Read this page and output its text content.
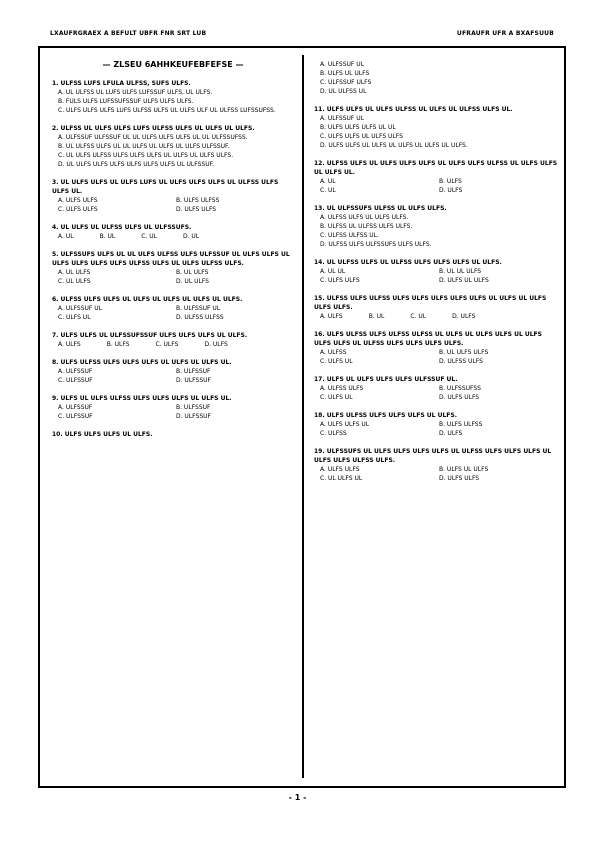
LXAUFRGRAEX A BEFULT UBFR FNR SRT LUB	UFRAUFR UFR A BXAFSUUB
— ZLSEU 6AHHKEUFEBFEFSE —
1. ULFSS LUFS LFULA ULFSS, SUFS ULFS.
A. UL ULFSS UL LUFS ULFS LUFSSUF ULFS, UL ULFS.
B. FULS ULFS LUFSSUFSSUF ULFS ULFS ULFS.
C. ULFS ULFS ULFS LUFS ULFSS ULFS UL ULFS ULF UL ULFSS LUFSSUFSS.
2. ULFSS UL ULFS ULFS LUFS ULFSS ULFS UL ULFS UL ULFS.
A. ULFSSUF ULFSSUF UL UL ULFS ULFS ULFS UL UL ULFSSUFSS.
B. UL ULFSS ULFS UL UL ULFS UL ULFS UL ULFS ULFSSUF.
C. UL ULFS ULFSS ULFS ULFS ULFS UL ULFS UL ULFS ULFS.
D. UL ULFS ULFS ULFS ULFS ULFS ULFS UL ULFSSUF.
3. UL ULFS ULFS UL ULFS LUFS UL ULFS ULFS ULFS UL ULFSS ULFS ULFS UL.
A. ULFS ULFS	B. ULFS ULFSS
C. ULFS ULFS	D. ULFS ULFS
4. UL ULFS UL ULFSS ULFS UL ULFSSUFS.
A. UL	B. UL	C. UL	D. UL
5. ULFSSUFS ULFS UL UL ULFS ULFSS ULFS ULFSSUF UL ULFS ULFS UL ULFS ULFS ULFS ULFS ULFSS ULFS UL ULFS ULFSS ULFS.
A. UL ULFS	B. UL ULFS
C. UL ULFS	D. UL ULFS
6. ULFSS ULFS ULFS UL ULFS UL ULFS UL ULFS UL ULFS.
A. ULFSSUF UL	B. ULFSSUF UL
C. ULFS UL	D. ULFSS ULFSS
7. ULFS ULFS UL ULFSSUFSSUF ULFS ULFS ULFS UL ULFS.
A. ULFS	B. ULFS	C. ULFS	D. ULFS
8. ULFS ULFSS ULFS ULFS ULFS UL ULFS UL ULFS UL.
A. ULFSSUF	B. ULFSSUF
C. ULFSSUF	D. ULFSSUF
9. ULFS UL ULFS ULFSS ULFS ULFS ULFS UL ULFS UL.
A. ULFSSUF	B. ULFSSUF
C. ULFSSUF	D. ULFSSUF
10. ULFS ULFS ULFS UL ULFS.
A. ULFSSUF UL
B. ULFS UL ULFS
C. ULFSSUF ULFS
D. UL ULFSS UL
11. ULFS ULFS UL ULFS ULFSS UL ULFS UL ULFSS ULFS UL.
A. ULFSSUF UL
B. ULFS ULFS ULFS UL UL
C. ULFS ULFS UL ULFS ULFS
D. ULFS ULFS UL ULFS UL ULFS UL ULFS UL ULFS.
12. ULFSS ULFS UL ULFS ULFS ULFS UL ULFS ULFS ULFSS UL ULFS ULFS UL ULFS UL.
A. UL	B. ULFS
C. UL	D. ULFS
13. UL ULFSSUFS ULFSS UL ULFS ULFS.
A. ULFSS ULFS UL ULFS ULFS.
B. ULFSS UL ULFSS ULFS ULFS.
C. ULFSS ULFSS UL.
D. ULFSS ULFS ULFSSUFS ULFS ULFS.
14. UL ULFSS ULFS UL ULFSS ULFS ULFS ULFS UL ULFS.
A. UL UL	B. UL UL ULFS
C. ULFS ULFS	D. ULFS UL ULFS
15. ULFSS ULFS ULFSS ULFS ULFS ULFS ULFS ULFS UL ULFS UL ULFS ULFS ULFS.
A. ULFS	B. UL	C. UL	D. ULFS
16. ULFS ULFSS ULFS ULFSS ULFSS UL ULFS UL ULFS ULFS UL ULFS ULFS ULFS UL ULFSS ULFS ULFS ULFS ULFS.
A. ULFSS	B. UL ULFS ULFS
C. ULFS UL	D. ULFSS ULFS
17. ULFS UL ULFS ULFS ULFS ULFSSUF UL.
A. ULFSS ULFS	B. ULFSSUFSS
C. ULFS UL	D. ULFS ULFS
18. ULFS ULFSS ULFS ULFS ULFS UL ULFS.
A. ULFS ULFS UL	B. ULFS ULFSS
C. ULFSS	D. ULFS
19. ULFSSUFS UL ULFS ULFS ULFS ULFS UL ULFSS ULFS ULFS ULFS UL ULFS ULFS ULFSS ULFS.
A. ULFS ULFS	B. ULFS UL ULFS
C. UL ULFS UL	D. ULFS ULFS
- 1 -
